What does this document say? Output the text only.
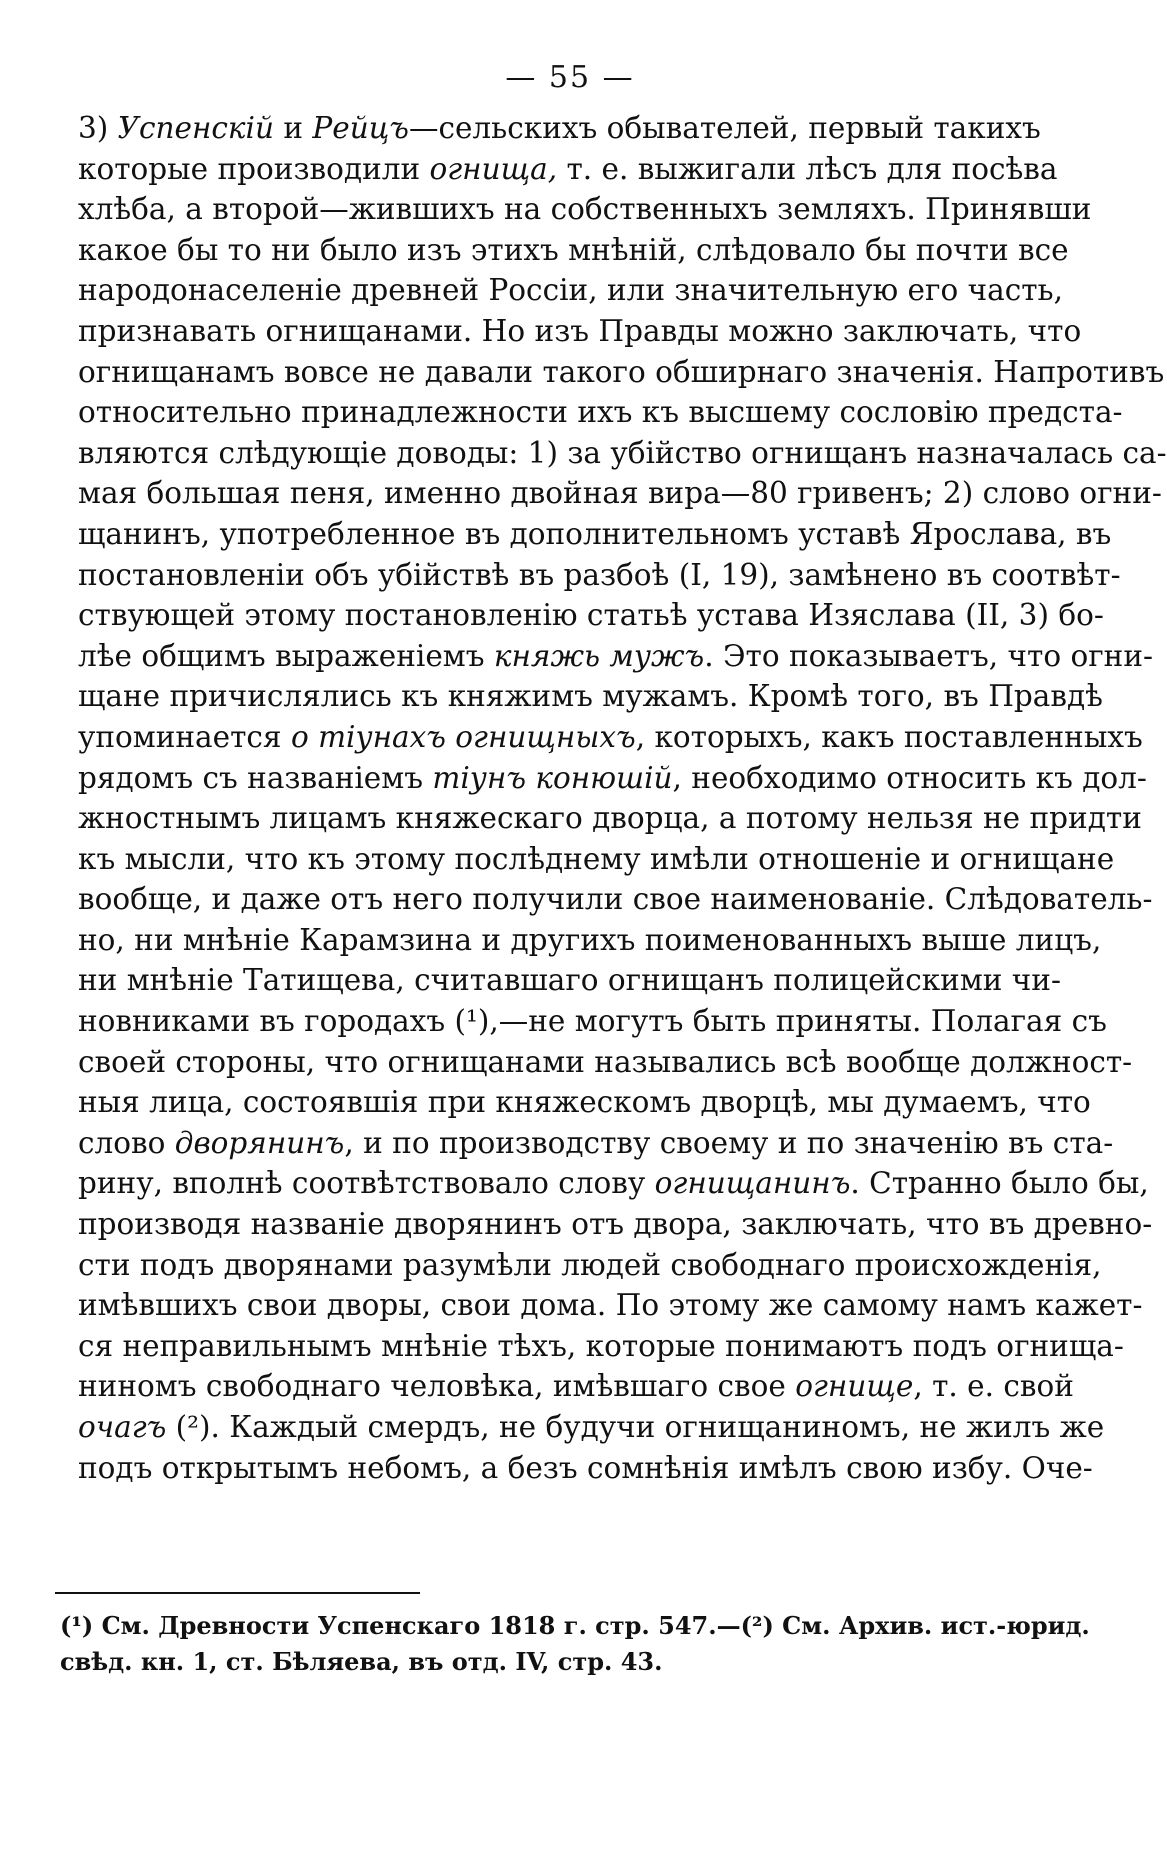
— 55 —
3) Успенскій и Рейцъ—сельскихъ обывателей, первый такихъ
которые производили огнища, т. е. выжигали лѣсъ для посѣва
хлѣба, а второй—жившихъ на собственныхъ земляхъ. Принявши
какое бы то ни было изъ этихъ мнѣній, слѣдовало бы почти все
народонаселеніе древней Россіи, или значительную его часть,
признавать огнищанами. Но изъ Правды можно заключать, что
огнищанамъ вовсе не давали такого обширнаго значенія. Напротивъ
относительно принадлежности ихъ къ высшему сословію предста-
вляются слѣдующіе доводы: 1) за убійство огнищанъ назначалась са-
мая большая пеня, именно двойная вира—80 гривенъ; 2) слово огни-
щанинъ, употребленное въ дополнительномъ уставѣ Ярослава, въ
постановленіи объ убійствѣ въ разбоѣ (I, 19), замѣнено въ соотвѣт-
ствующей этому постановленію статьѣ устава Изяслава (II, 3) бо-
лѣе общимъ выраженіемъ княжь мужъ. Это показываетъ, что огни-
щане причислялись къ княжимъ мужамъ. Кромѣ того, въ Правдѣ
упоминается о тіунахъ огнищныхъ, которыхъ, какъ поставленныхъ
рядомъ съ названіемъ тіунъ конюшій, необходимо относить къ дол-
жностнымъ лицамъ княжескаго дворца, а потому нельзя не придти
къ мысли, что къ этому послѣднему имѣли отношеніе и огнищане
вообще, и даже отъ него получили свое наименованіе. Слѣдователь-
но, ни мнѣніе Карамзина и другихъ поименованныхъ выше лицъ,
ни мнѣніе Татищева, считавшаго огнищанъ полицейскими чи-
новниками въ городахъ (¹),—не могутъ быть приняты. Полагая съ
своей стороны, что огнищанами назывались всѣ вообще должност-
ныя лица, состоявшія при княжескомъ дворцѣ, мы думаемъ, что
слово дворянинъ, и по производству своему и по значенію въ ста-
рину, вполнѣ соотвѣтствовало слову огнищанинъ. Странно было бы,
производя названіе дворянинъ отъ двора, заключать, что въ древно-
сти подъ дворянами разумѣли людей свободнаго происхожденія,
имѣвшихъ свои дворы, свои дома. По этому же самому намъ кажет-
ся неправильнымъ мнѣніе тѣхъ, которые понимаютъ подъ огнища-
ниномъ свободнаго человѣка, имѣвшаго свое огнище, т. е. свой
очагъ (²). Каждый смердъ, не будучи огнищаниномъ, не жилъ же
подъ открытымъ небомъ, а безъ сомнѣнія имѣлъ свою избу. Оче-
(¹) См. Древности Успенскаго 1818 г. стр. 547.—(²) См. Архив. ист.-юрид.
свѣд. кн. 1, ст. Бѣляева, въ отд. IV, стр. 43.
